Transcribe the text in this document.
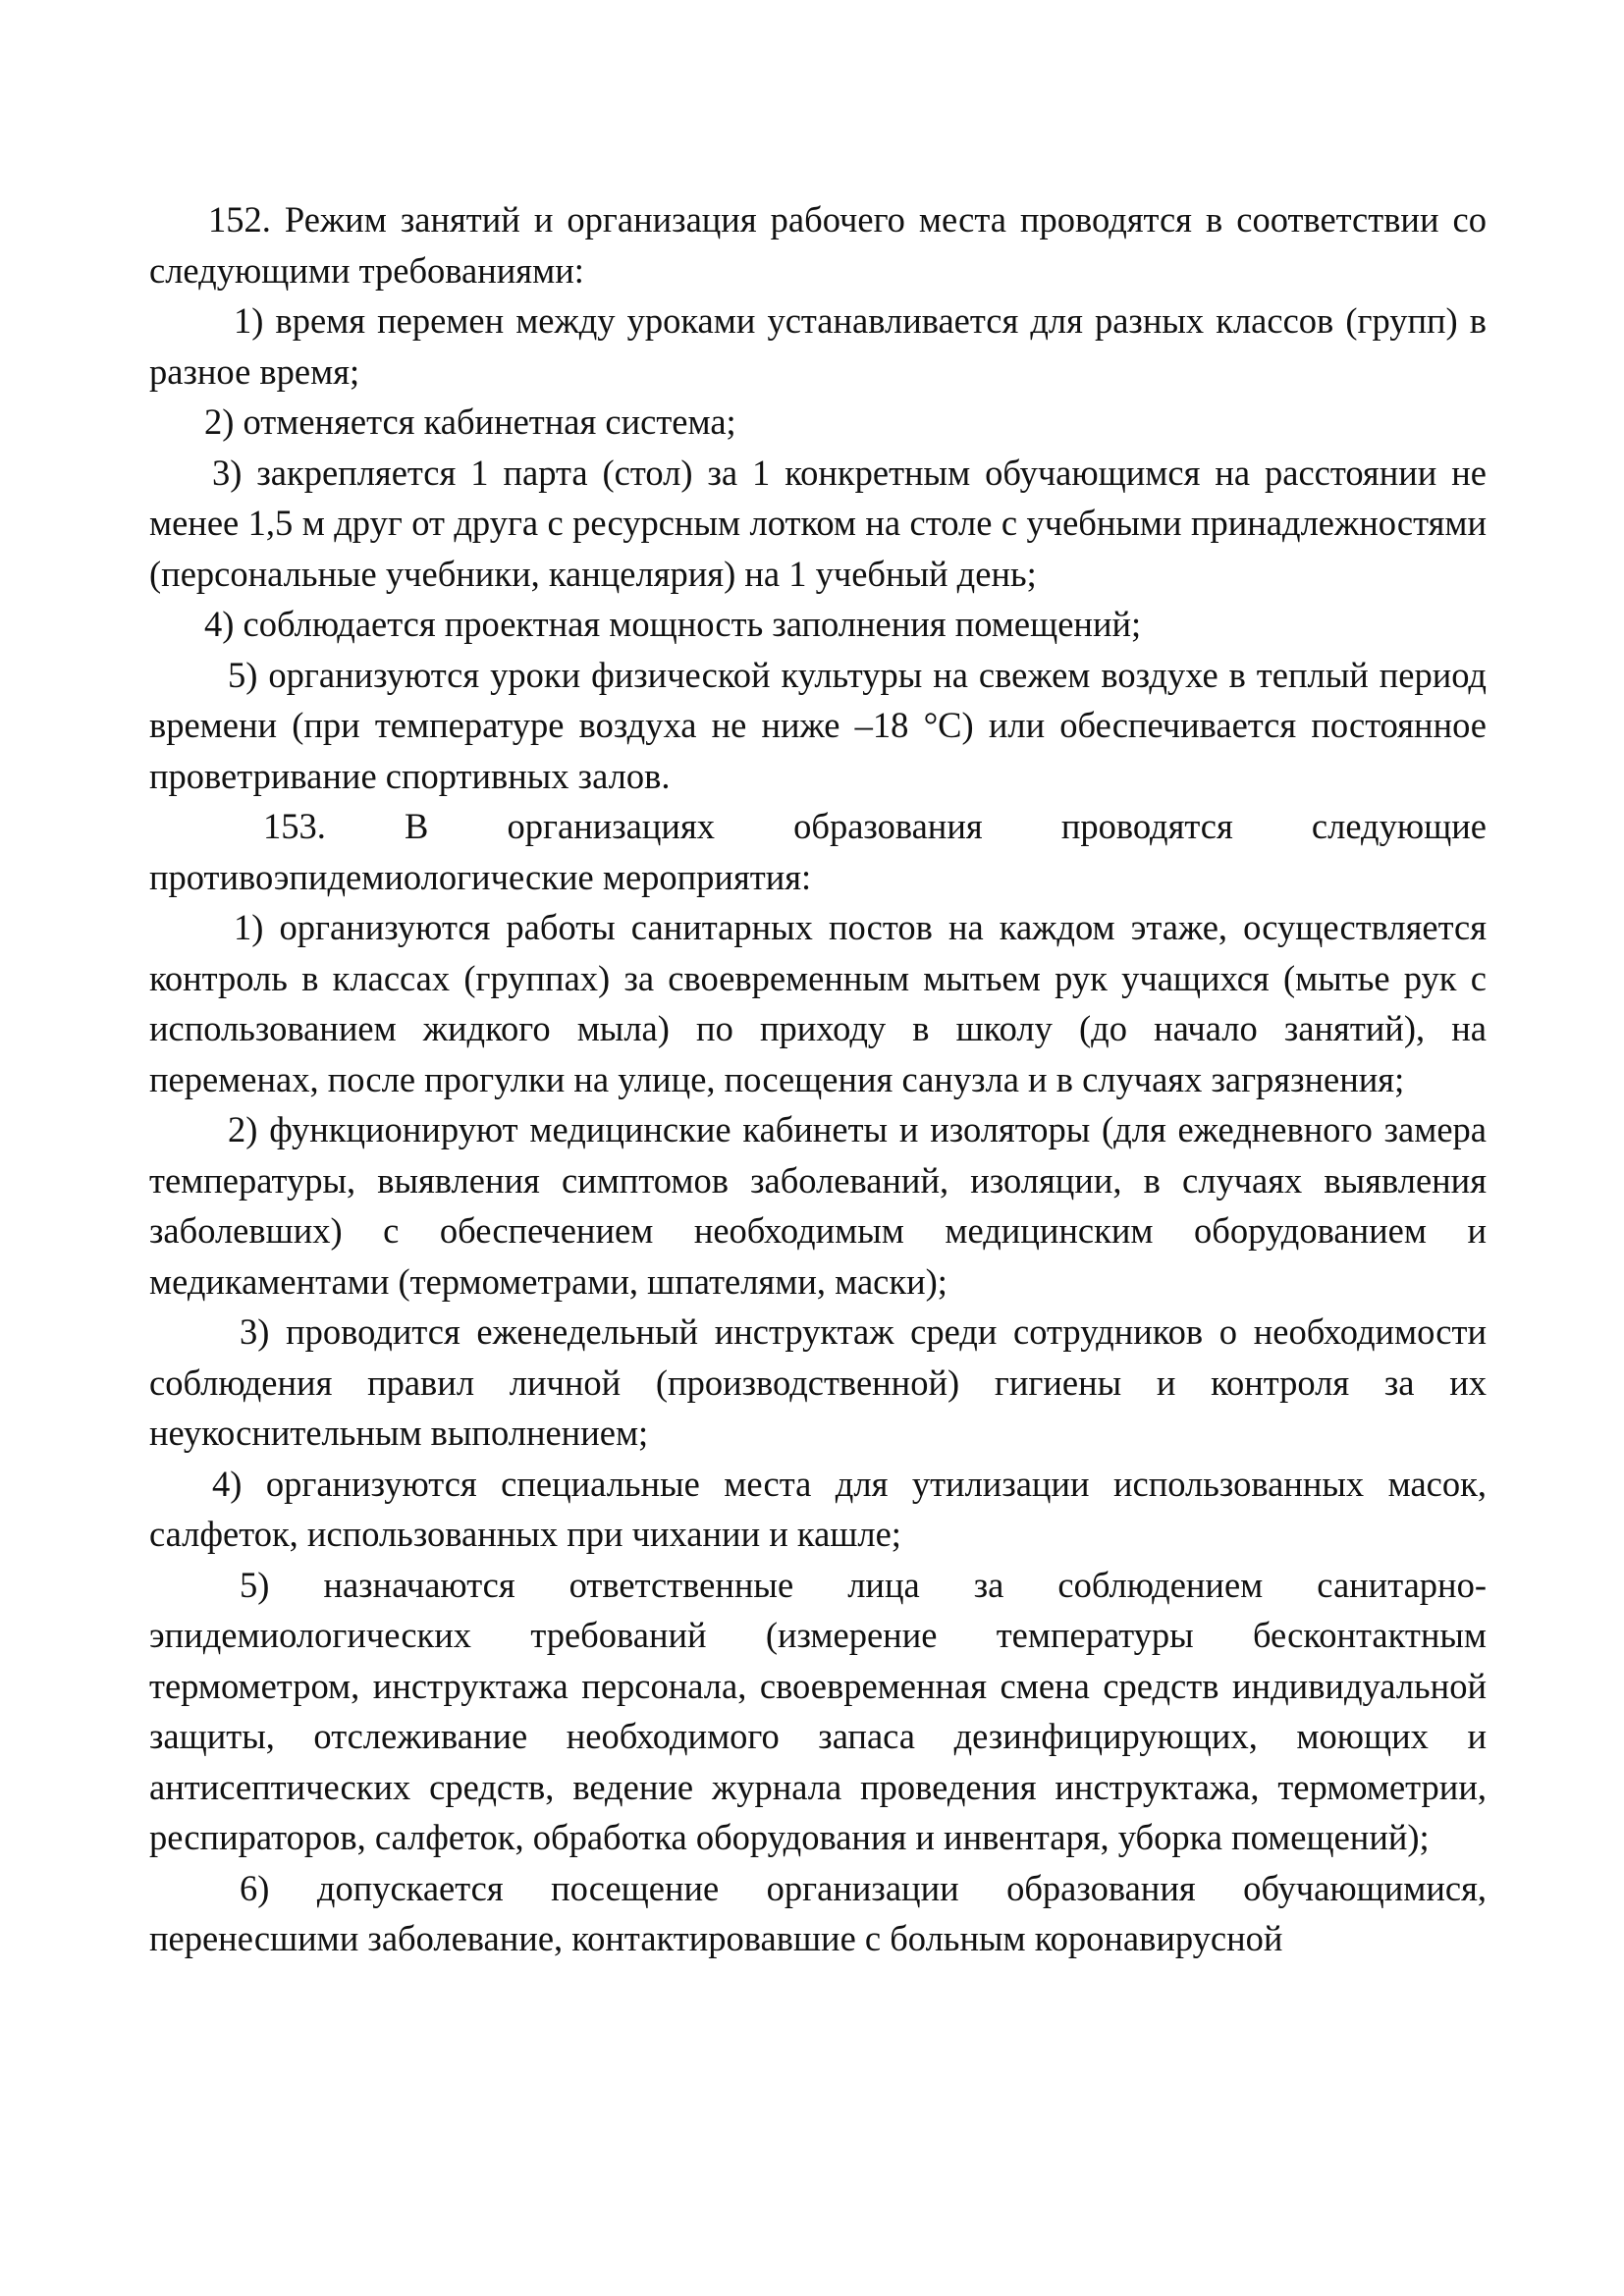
152. Режим занятий и организация рабочего места проводятся в соответствии со следующими требованиями:

1) время перемен между уроками устанавливается для разных классов (групп) в разное время;

2) отменяется кабинетная система;

3) закрепляется 1 парта (стол) за 1 конкретным обучающимся на расстоянии не менее 1,5 м друг от друга с ресурсным лотком на столе с учебными принадлежностями (персональные учебники, канцелярия) на 1 учебный день;

4) соблюдается проектная мощность заполнения помещений;

5) организуются уроки физической культуры на свежем воздухе в теплый период времени (при температуре воздуха не ниже –18 °С) или обеспечивается постоянное проветривание спортивных залов.

153. В организациях образования проводятся следующие противоэпидемиологические мероприятия:

1) организуются работы санитарных постов на каждом этаже, осуществляется контроль в классах (группах) за своевременным мытьем рук учащихся (мытье рук с использованием жидкого мыла) по приходу в школу (до начало занятий), на переменах, после прогулки на улице, посещения санузла и в случаях загрязнения;

2) функционируют медицинские кабинеты и изоляторы (для ежедневного замера температуры, выявления симптомов заболеваний, изоляции, в случаях выявления заболевших) с обеспечением необходимым медицинским оборудованием и медикаментами (термометрами, шпателями, маски);

3) проводится еженедельный инструктаж среди сотрудников о необходимости соблюдения правил личной (производственной) гигиены и контроля за их неукоснительным выполнением;

4) организуются специальные места для утилизации использованных масок, салфеток, использованных при чихании и кашле;

5) назначаются ответственные лица за соблюдением санитарно-эпидемиологических требований (измерение температуры бесконтактным термометром, инструктажа персонала, своевременная смена средств индивидуальной защиты, отслеживание необходимого запаса дезинфицирующих, моющих и антисептических средств, ведение журнала проведения инструктажа, термометрии, респираторов, салфеток, обработка оборудования и инвентаря, уборка помещений);

6) допускается посещение организации образования обучающимися, перенесшими заболевание, контактировавшие с больным коронавирусной
